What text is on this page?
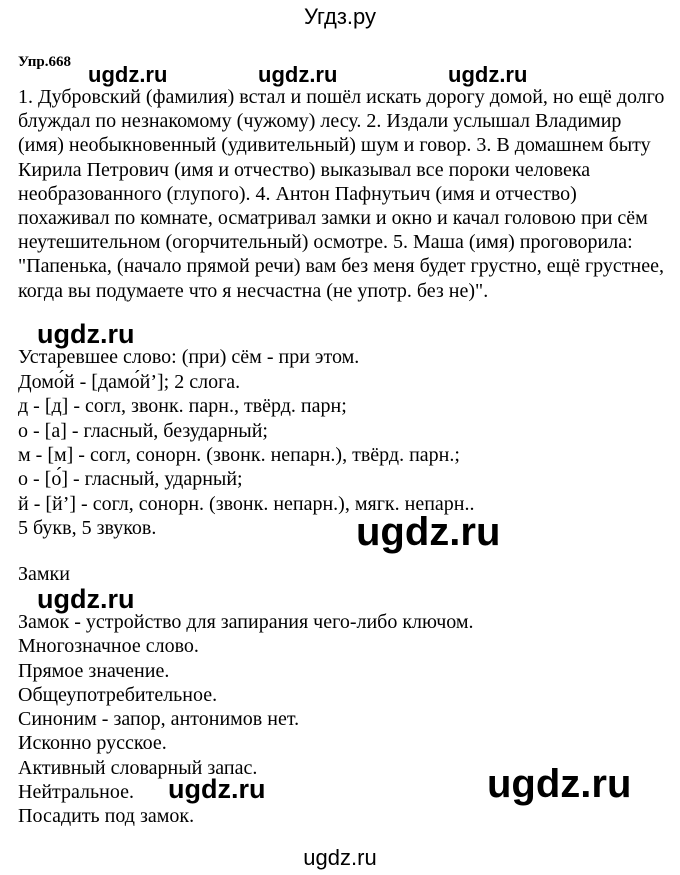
Угдз.ру
Упр.668 ugdz.ru	ugdz.ru	ugdz.ru
1. Дубровский (фамилия) встал и пошёл искать дорогу домой, но ещё долго блуждал по незнакомому (чужому) лесу. 2. Издали услышал Владимир (имя) необыкновенный (удивительный) шум и говор. 3. В домашнем быту Кирила Петрович (имя и отчество) выказывал все пороки человека необразованного (глупого). 4. Антон Пафнутьич (имя и отчество) похаживал по комнате, осматривал замки и окно и качал головою при сём неутешительном (огорчительный) осмотре. 5. Маша (имя) проговорила: "Папенька, (начало прямой речи) вам без меня будет грустно, ещё грустнее, когда вы подумаете что я несчастна (не употр. без не)".
ugdz.ru
Устаревшее слово: (при) сём - при этом.
Домо́й - [дамо́й’]; 2 слога.
д - [д] - согл, звонк. парн., твёрд. парн;
о - [а] - гласный, безударный;
м - [м] - согл, сонорн. (звонк. непарн.), твёрд. парн.;
о - [о́] - гласный, ударный;
й - [й’] - согл, сонорн. (звонк. непарн.), мягк. непарн..
5 букв, 5 звуков.	ugdz.ru
Замки
ugdz.ru
Замок - устройство для запирания чего-либо ключом.
Многозначное слово.
Прямое значение.
Общеупотребительное.
Синоним - запор, антонимов нет.
Исконно русское.
Активный словарный запас.
Нейтральное.
Посадить под замок.
ugdz.ru	ugdz.ru
ugdz.ru
